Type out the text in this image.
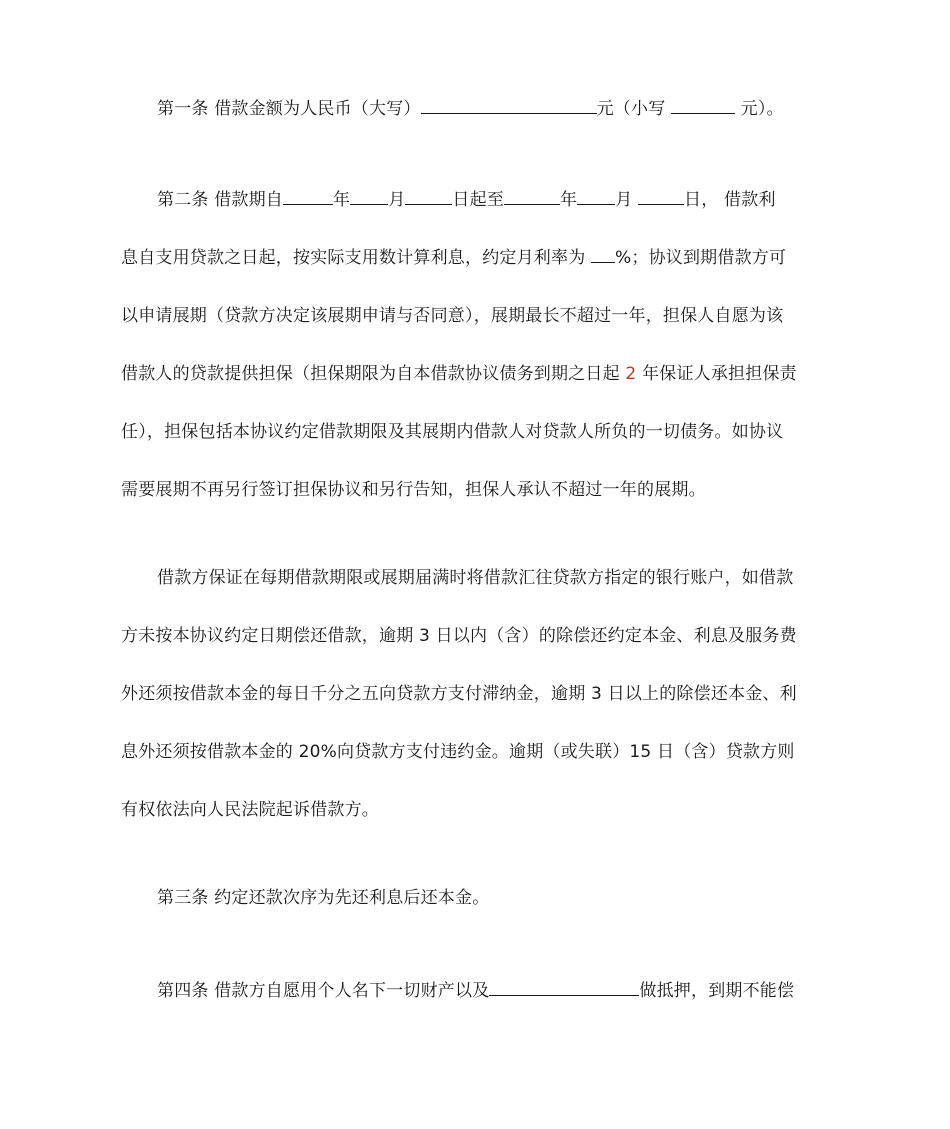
第一条 借款金额为人民币（大写）	元（小写	元）。

第二条 借款期自	年 月	日起至	年 月	日， 借款利
息自支用贷款之日起，按实际支用数计算利息，约定月利率为 %；协议到期借款方可
以申请展期（贷款方决定该展期申请与否同意），展期最长不超过一年，担保人自愿为该
借款人的贷款提供担保（担保期限为自本借款协议债务到期之日起 2 年保证人承担担保责
任），担保包括本协议约定借款期限及其展期内借款人对贷款人所负的一切债务。如协议
需要展期不再另行签订担保协议和另行告知，担保人承认不超过一年的展期。

借款方保证在每期借款期限或展期届满时将借款汇往贷款方指定的银行账户，如借款
方未按本协议约定日期偿还借款，逾期 3 日以内（含）的除偿还约定本金、利息及服务费
外还须按借款本金的每日千分之五向贷款方支付滞纳金，逾期 3 日以上的除偿还本金、利
息外还须按借款本金的 20%向贷款方支付违约金。逾期（或失联）15 日（含）贷款方则
有权依法向人民法院起诉借款方。

第三条 约定还款次序为先还利息后还本金。

第四条 借款方自愿用个人名下一切财产以及	做抵押，到期不能偿
